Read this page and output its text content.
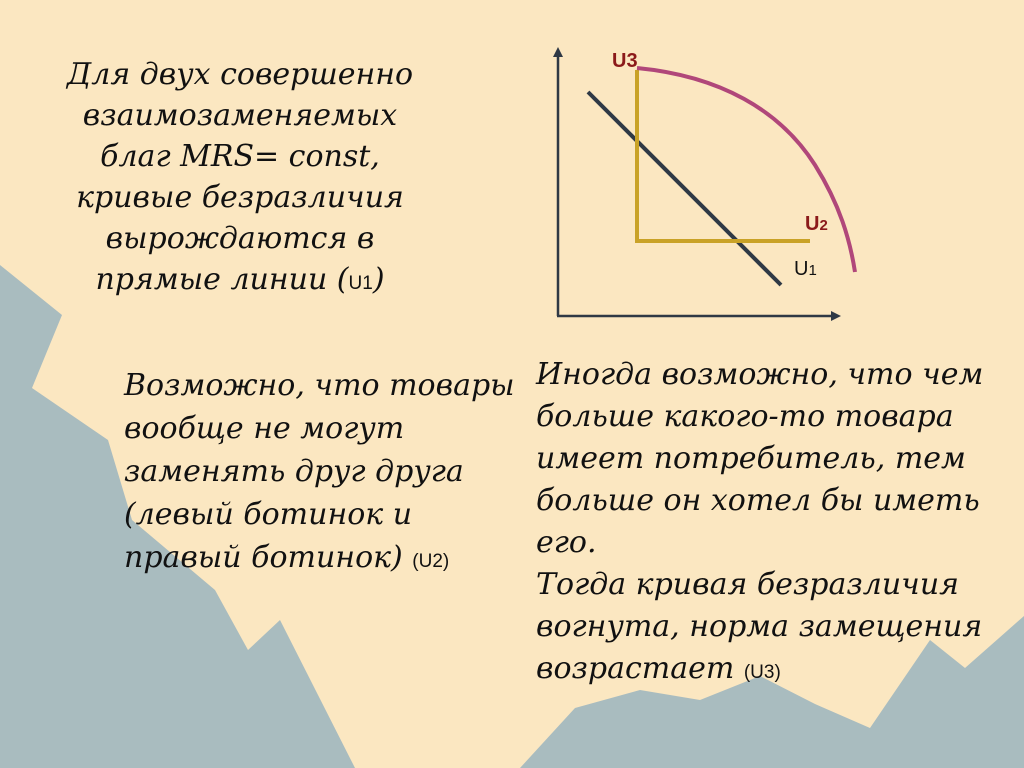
Для двух совершенно
взаимозаменяемых
благ MRS= const,
кривые безразличия
вырождаются в
прямые линии (U1)
Возможно, что товары
вообще не могут
заменять друг друга
(левый ботинок и
правый ботинок) (U2)
Иногда возможно, что чем
больше какого-то товара
имеет потребитель, тем
больше он хотел бы иметь
его.
Тогда кривая безразличия
вогнута, норма замещения
возрастает (U3)
U3
U2
U1
